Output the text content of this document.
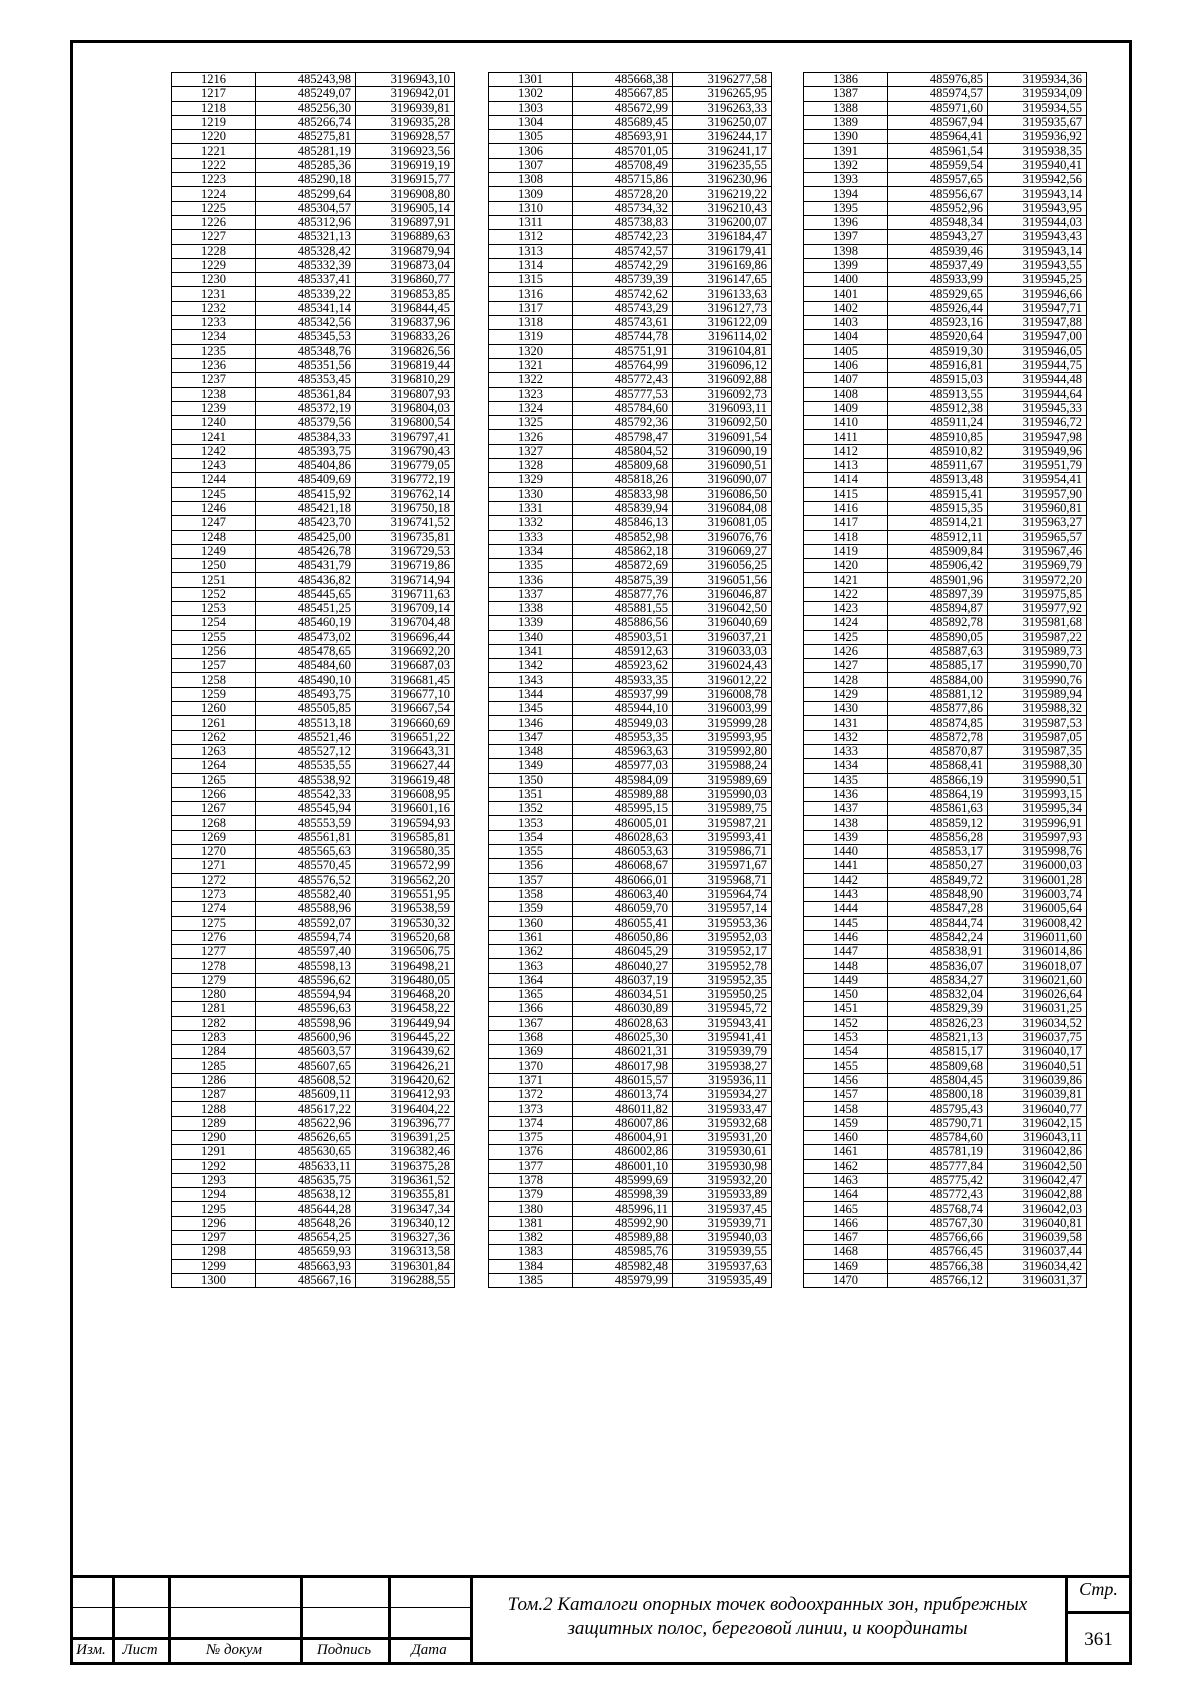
1216	485243,98	3196943,10
1217	485249,07	3196942,01
1218	485256,30	3196939,81
1219	485266,74	3196935,28
1220	485275,81	3196928,57
1221	485281,19	3196923,56
1222	485285,36	3196919,19
1223	485290,18	3196915,77
1224	485299,64	3196908,80
1225	485304,57	3196905,14
1226	485312,96	3196897,91
1227	485321,13	3196889,63
1228	485328,42	3196879,94
1229	485332,39	3196873,04
1230	485337,41	3196860,77
1231	485339,22	3196853,85
1232	485341,14	3196844,45
1233	485342,56	3196837,96
1234	485345,53	3196833,26
1235	485348,76	3196826,56
1236	485351,56	3196819,44
1237	485353,45	3196810,29
1238	485361,84	3196807,93
1239	485372,19	3196804,03
1240	485379,56	3196800,54
1241	485384,33	3196797,41
1242	485393,75	3196790,43
1243	485404,86	3196779,05
1244	485409,69	3196772,19
1245	485415,92	3196762,14
1246	485421,18	3196750,18
1247	485423,70	3196741,52
1248	485425,00	3196735,81
1249	485426,78	3196729,53
1250	485431,79	3196719,86
1251	485436,82	3196714,94
1252	485445,65	3196711,63
1253	485451,25	3196709,14
1254	485460,19	3196704,48
1255	485473,02	3196696,44
1256	485478,65	3196692,20
1257	485484,60	3196687,03
1258	485490,10	3196681,45
1259	485493,75	3196677,10
1260	485505,85	3196667,54
1261	485513,18	3196660,69
1262	485521,46	3196651,22
1263	485527,12	3196643,31
1264	485535,55	3196627,44
1265	485538,92	3196619,48
1266	485542,33	3196608,95
1267	485545,94	3196601,16
1268	485553,59	3196594,93
1269	485561,81	3196585,81
1270	485565,63	3196580,35
1271	485570,45	3196572,99
1272	485576,52	3196562,20
1273	485582,40	3196551,95
1274	485588,96	3196538,59
1275	485592,07	3196530,32
1276	485594,74	3196520,68
1277	485597,40	3196506,75
1278	485598,13	3196498,21
1279	485596,62	3196480,05
1280	485594,94	3196468,20
1281	485596,63	3196458,22
1282	485598,96	3196449,94
1283	485600,96	3196445,22
1284	485603,57	3196439,62
1285	485607,65	3196426,21
1286	485608,52	3196420,62
1287	485609,11	3196412,93
1288	485617,22	3196404,22
1289	485622,96	3196396,77
1290	485626,65	3196391,25
1291	485630,65	3196382,46
1292	485633,11	3196375,28
1293	485635,75	3196361,52
1294	485638,12	3196355,81
1295	485644,28	3196347,34
1296	485648,26	3196340,12
1297	485654,25	3196327,36
1298	485659,93	3196313,58
1299	485663,93	3196301,84
1300	485667,16	3196288,55
1301	485668,38	3196277,58
1302	485667,85	3196265,95
1303	485672,99	3196263,33
1304	485689,45	3196250,07
1305	485693,91	3196244,17
1306	485701,05	3196241,17
1307	485708,49	3196235,55
1308	485715,86	3196230,96
1309	485728,20	3196219,22
1310	485734,32	3196210,43
1311	485738,83	3196200,07
1312	485742,23	3196184,47
1313	485742,57	3196179,41
1314	485742,29	3196169,86
1315	485739,39	3196147,65
1316	485742,62	3196133,63
1317	485743,29	3196127,73
1318	485743,61	3196122,09
1319	485744,78	3196114,02
1320	485751,91	3196104,81
1321	485764,99	3196096,12
1322	485772,43	3196092,88
1323	485777,53	3196092,73
1324	485784,60	3196093,11
1325	485792,36	3196092,50
1326	485798,47	3196091,54
1327	485804,52	3196090,19
1328	485809,68	3196090,51
1329	485818,26	3196090,07
1330	485833,98	3196086,50
1331	485839,94	3196084,08
1332	485846,13	3196081,05
1333	485852,98	3196076,76
1334	485862,18	3196069,27
1335	485872,69	3196056,25
1336	485875,39	3196051,56
1337	485877,76	3196046,87
1338	485881,55	3196042,50
1339	485886,56	3196040,69
1340	485903,51	3196037,21
1341	485912,63	3196033,03
1342	485923,62	3196024,43
1343	485933,35	3196012,22
1344	485937,99	3196008,78
1345	485944,10	3196003,99
1346	485949,03	3195999,28
1347	485953,35	3195993,95
1348	485963,63	3195992,80
1349	485977,03	3195988,24
1350	485984,09	3195989,69
1351	485989,88	3195990,03
1352	485995,15	3195989,75
1353	486005,01	3195987,21
1354	486028,63	3195993,41
1355	486053,63	3195986,71
1356	486068,67	3195971,67
1357	486066,01	3195968,71
1358	486063,40	3195964,74
1359	486059,70	3195957,14
1360	486055,41	3195953,36
1361	486050,86	3195952,03
1362	486045,29	3195952,17
1363	486040,27	3195952,78
1364	486037,19	3195952,35
1365	486034,51	3195950,25
1366	486030,89	3195945,72
1367	486028,63	3195943,41
1368	486025,30	3195941,41
1369	486021,31	3195939,79
1370	486017,98	3195938,27
1371	486015,57	3195936,11
1372	486013,74	3195934,27
1373	486011,82	3195933,47
1374	486007,86	3195932,68
1375	486004,91	3195931,20
1376	486002,86	3195930,61
1377	486001,10	3195930,98
1378	485999,69	3195932,20
1379	485998,39	3195933,89
1380	485996,11	3195937,45
1381	485992,90	3195939,71
1382	485989,88	3195940,03
1383	485985,76	3195939,55
1384	485982,48	3195937,63
1385	485979,99	3195935,49
1386	485976,85	3195934,36
1387	485974,57	3195934,09
1388	485971,60	3195934,55
1389	485967,94	3195935,67
1390	485964,41	3195936,92
1391	485961,54	3195938,35
1392	485959,54	3195940,41
1393	485957,65	3195942,56
1394	485956,67	3195943,14
1395	485952,96	3195943,95
1396	485948,34	3195944,03
1397	485943,27	3195943,43
1398	485939,46	3195943,14
1399	485937,49	3195943,55
1400	485933,99	3195945,25
1401	485929,65	3195946,66
1402	485926,44	3195947,71
1403	485923,16	3195947,88
1404	485920,64	3195947,00
1405	485919,30	3195946,05
1406	485916,81	3195944,75
1407	485915,03	3195944,48
1408	485913,55	3195944,64
1409	485912,38	3195945,33
1410	485911,24	3195946,72
1411	485910,85	3195947,98
1412	485910,82	3195949,96
1413	485911,67	3195951,79
1414	485913,48	3195954,41
1415	485915,41	3195957,90
1416	485915,35	3195960,81
1417	485914,21	3195963,27
1418	485912,11	3195965,57
1419	485909,84	3195967,46
1420	485906,42	3195969,79
1421	485901,96	3195972,20
1422	485897,39	3195975,85
1423	485894,87	3195977,92
1424	485892,78	3195981,68
1425	485890,05	3195987,22
1426	485887,63	3195989,73
1427	485885,17	3195990,70
1428	485884,00	3195990,76
1429	485881,12	3195989,94
1430	485877,86	3195988,32
1431	485874,85	3195987,53
1432	485872,78	3195987,05
1433	485870,87	3195987,35
1434	485868,41	3195988,30
1435	485866,19	3195990,51
1436	485864,19	3195993,15
1437	485861,63	3195995,34
1438	485859,12	3195996,91
1439	485856,28	3195997,93
1440	485853,17	3195998,76
1441	485850,27	3196000,03
1442	485849,72	3196001,28
1443	485848,90	3196003,74
1444	485847,28	3196005,64
1445	485844,74	3196008,42
1446	485842,24	3196011,60
1447	485838,91	3196014,86
1448	485836,07	3196018,07
1449	485834,27	3196021,60
1450	485832,04	3196026,64
1451	485829,39	3196031,25
1452	485826,23	3196034,52
1453	485821,13	3196037,75
1454	485815,17	3196040,17
1455	485809,68	3196040,51
1456	485804,45	3196039,86
1457	485800,18	3196039,81
1458	485795,43	3196040,77
1459	485790,71	3196042,15
1460	485784,60	3196043,11
1461	485781,19	3196042,86
1462	485777,84	3196042,50
1463	485775,42	3196042,47
1464	485772,43	3196042,88
1465	485768,74	3196042,03
1466	485767,30	3196040,81
1467	485766,66	3196039,58
1468	485766,45	3196037,44
1469	485766,38	3196034,42
1470	485766,12	3196031,37
Изм.	Лист	№ докум	Подпись	Дата
Том.2 Каталоги опорных точек водоохранных зон, прибрежных защитных полос, береговой линии, и координаты
Стр.
361
